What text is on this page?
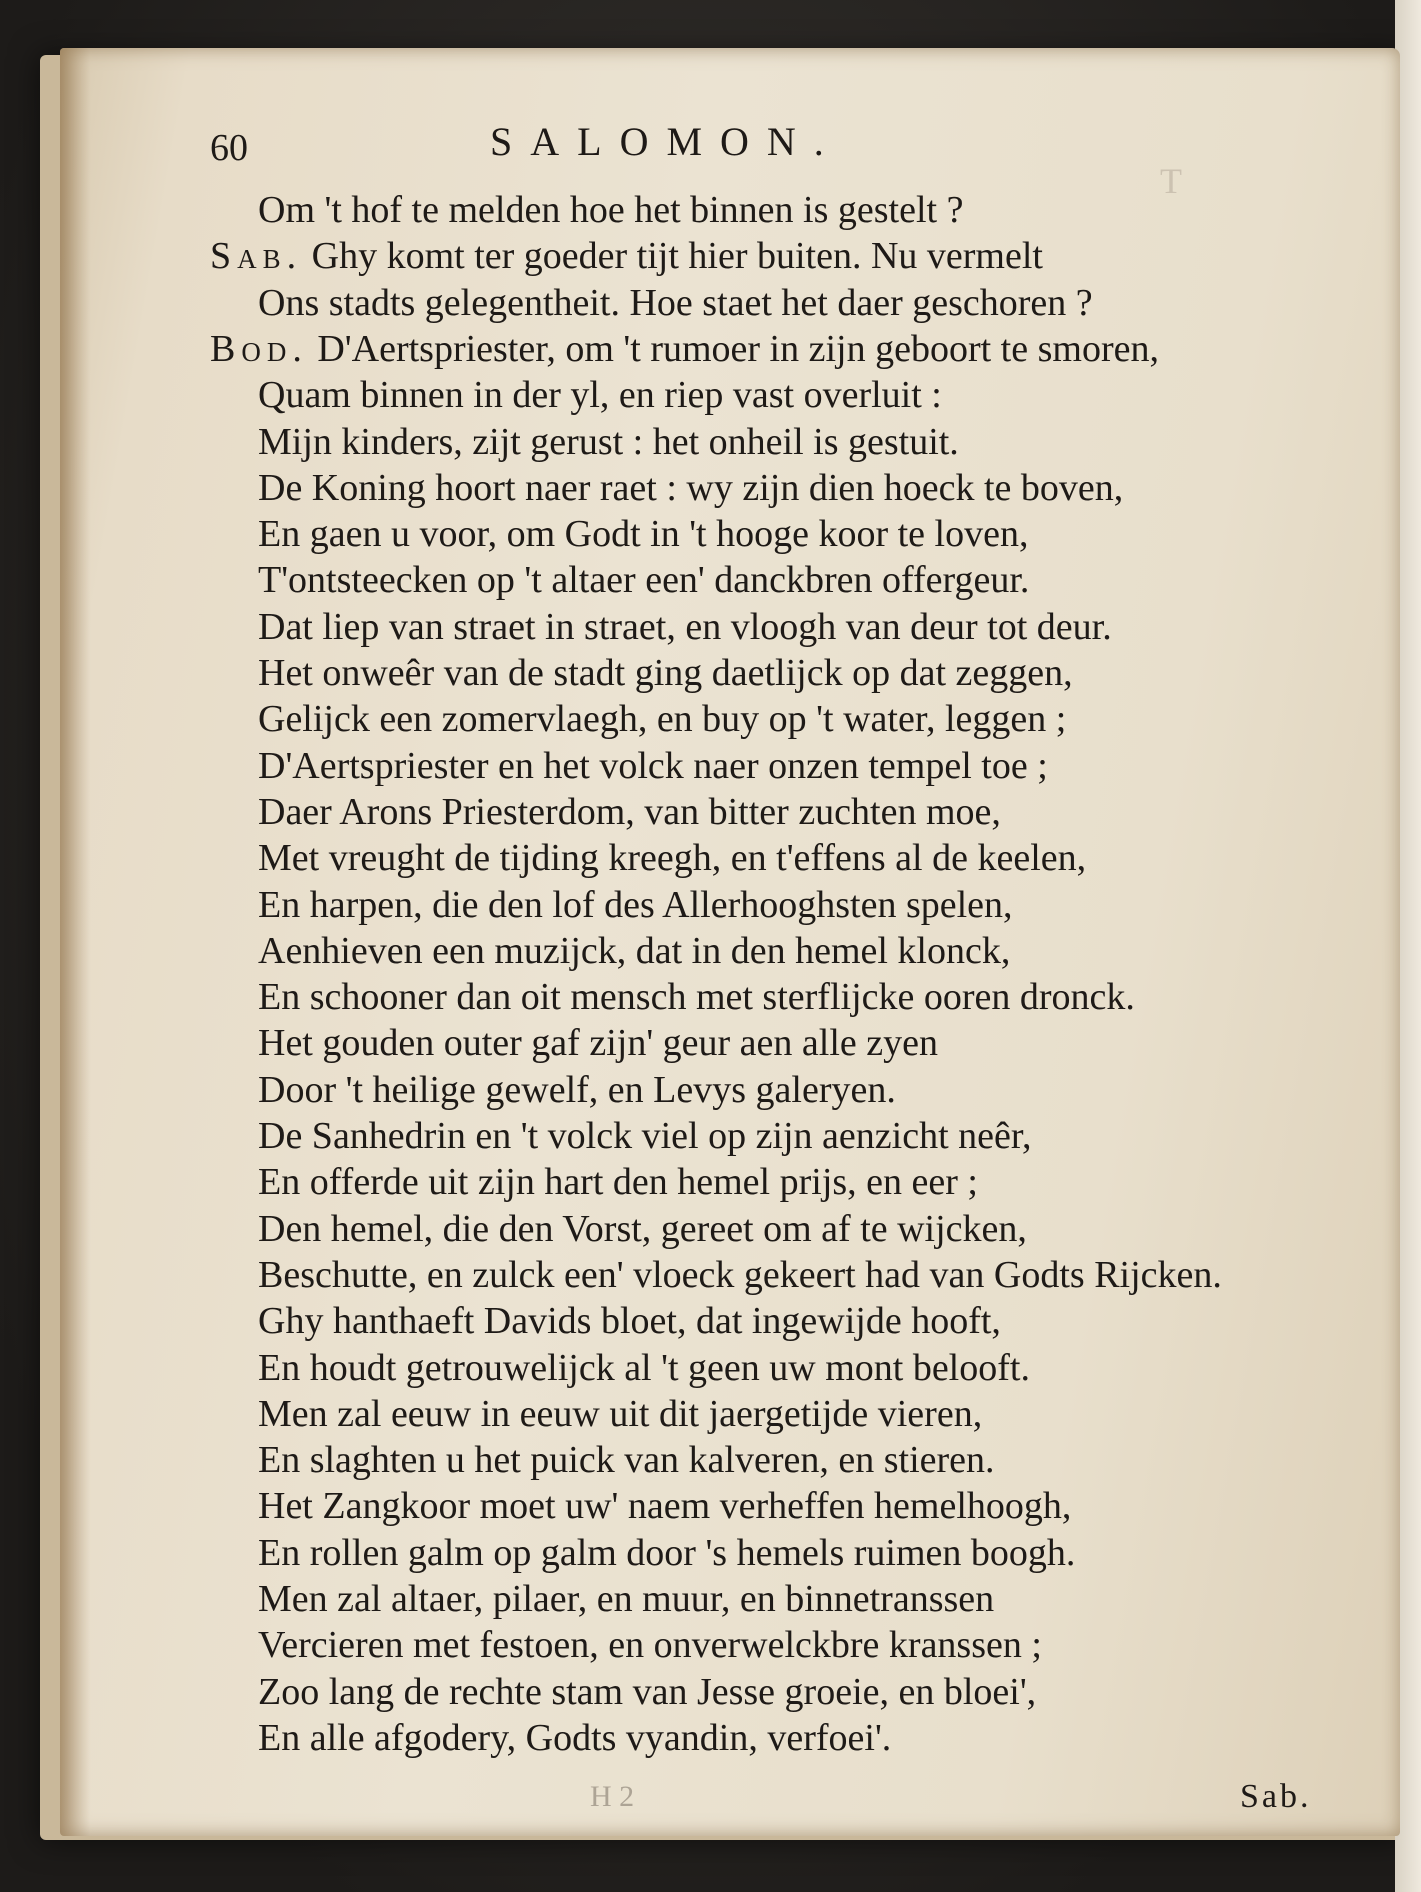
T
60	SALOMON.
Om 't hof te melden hoe het binnen is gestelt ?
Sab. Ghy komt ter goeder tijt hier buiten. Nu vermelt
Ons stadts gelegentheit. Hoe staet het daer geschoren ?
Bod. D'Aertspriester, om 't rumoer in zijn geboort te smoren,
Quam binnen in der yl, en riep vast overluit :
Mijn kinders, zijt gerust : het onheil is gestuit.
De Koning hoort naer raet : wy zijn dien hoeck te boven,
En gaen u voor, om Godt in 't hooge koor te loven,
T'ontsteecken op 't altaer een' danckbren offergeur.
Dat liep van straet in straet, en vloogh van deur tot deur.
Het onweêr van de stadt ging daetlijck op dat zeggen,
Gelijck een zomervlaegh, en buy op 't water, leggen ;
D'Aertspriester en het volck naer onzen tempel toe ;
Daer Arons Priesterdom, van bitter zuchten moe,
Met vreught de tijding kreegh, en t'effens al de keelen,
En harpen, die den lof des Allerhooghsten spelen,
Aenhieven een muzijck, dat in den hemel klonck,
En schooner dan oit mensch met sterflijcke ooren dronck.
Het gouden outer gaf zijn' geur aen alle zyen
Door 't heilige gewelf, en Levys galeryen.
De Sanhedrin en 't volck viel op zijn aenzicht neêr,
En offerde uit zijn hart den hemel prijs, en eer ;
Den hemel, die den Vorst, gereet om af te wijcken,
Beschutte, en zulck een' vloeck gekeert had van Godts Rijcken.
Ghy hanthaeft Davids bloet, dat ingewijde hooft,
En houdt getrouwelijck al 't geen uw mont belooft.
Men zal eeuw in eeuw uit dit jaergetijde vieren,
En slaghten u het puick van kalveren, en stieren.
Het Zangkoor moet uw' naem verheffen hemelhoogh,
En rollen galm op galm door 's hemels ruimen boogh.
Men zal altaer, pilaer, en muur, en binnetranssen
Vercieren met festoen, en onverwelckbre kranssen ;
Zoo lang de rechte stam van Jesse groeie, en bloei',
En alle afgodery, Godts vyandin, verfoei'.
H 2	Sab.
